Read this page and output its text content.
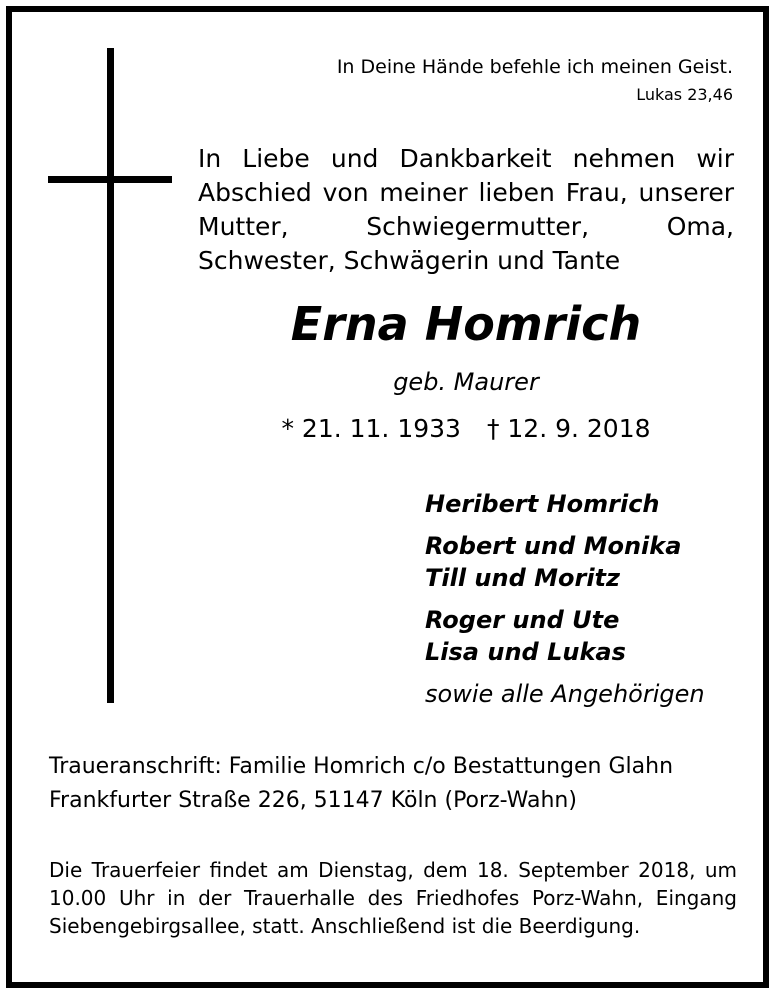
In Deine Hände befehle ich meinen Geist.
Lukas 23,46
In Liebe und Dankbarkeit nehmen wir Abschied von meiner lieben Frau, unserer Mutter, Schwiegermutter, Oma, Schwester, Schwägerin und Tante
Erna Homrich
geb. Maurer
* 21. 11. 1933 † 12. 9. 2018
Heribert Homrich
Robert und Monika
Till und Moritz
Roger und Ute
Lisa und Lukas
sowie alle Angehörigen
Traueranschrift: Familie Homrich c/o Bestattungen Glahn
Frankfurter Straße 226, 51147 Köln (Porz-Wahn)
Die Trauerfeier findet am Dienstag, dem 18. September 2018, um 10.00 Uhr in der Trauerhalle des Friedhofes Porz-Wahn, Eingang Siebengebirgsallee, statt. Anschließend ist die Beerdigung.
